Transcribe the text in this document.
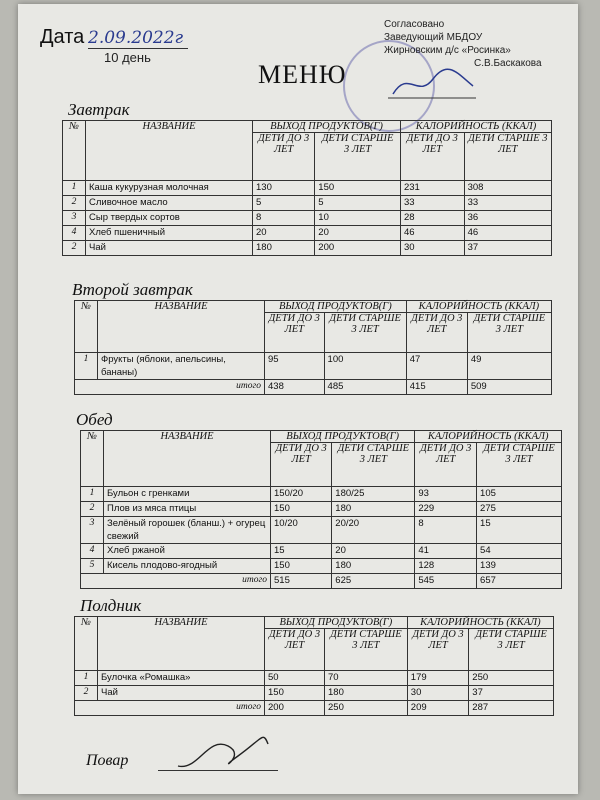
Дата 2.09.2022г
10 день
Согласовано
Заведующий МБДОУ
Жирновским д/с «Росинка»
С.В.Баскакова
МЕНЮ
Завтрак
№	НАЗВАНИЕ	ВЫХОД ПРОДУКТОВ(Г)		КАЛОРИЙНОСТЬ (ККАЛ)	
		ДЕТИ ДО 3 ЛЕТ	ДЕТИ СТАРШЕ 3 ЛЕТ	ДЕТИ ДО 3 ЛЕТ	ДЕТИ СТАРШЕ 3 ЛЕТ
1	Каша кукурузная молочная	130	150	231	308
2	Сливочное масло	5	5	33	33
3	Сыр твердых сортов	8	10	28	36
4	Хлеб пшеничный	20	20	46	46
2	Чай	180	200	30	37
Второй завтрак
№	НАЗВАНИЕ	ВЫХОД ПРОДУКТОВ(Г)		КАЛОРИЙНОСТЬ (ККАЛ)	
		ДЕТИ ДО 3 ЛЕТ	ДЕТИ СТАРШЕ 3 ЛЕТ	ДЕТИ ДО 3 ЛЕТ	ДЕТИ СТАРШЕ 3 ЛЕТ
1	Фрукты (яблоки, апельсины, бананы)	95	100	47	49
	итого	438	485	415	509
Обед
№	НАЗВАНИЕ	ВЫХОД ПРОДУКТОВ(Г)		КАЛОРИЙНОСТЬ (ККАЛ)	
		ДЕТИ ДО 3 ЛЕТ	ДЕТИ СТАРШЕ 3 ЛЕТ	ДЕТИ ДО 3 ЛЕТ	ДЕТИ СТАРШЕ 3 ЛЕТ
1	Бульон с гренками	150/20	180/25	93	105
2	Плов из мяса птицы	150	180	229	275
3	Зелёный горошек (бланш.) + огурец свежий	10/20	20/20	8	15
4	Хлеб ржаной	15	20	41	54
5	Кисель плодово-ягодный	150	180	128	139
	итого	515	625	545	657
Полдник
№	НАЗВАНИЕ	ВЫХОД ПРОДУКТОВ(Г)		КАЛОРИЙНОСТЬ (ККАЛ)	
		ДЕТИ ДО 3 ЛЕТ	ДЕТИ СТАРШЕ 3 ЛЕТ	ДЕТИ ДО 3 ЛЕТ	ДЕТИ СТАРШЕ 3 ЛЕТ
1	Булочка «Ромашка»	50	70	179	250
2	Чай	150	180	30	37
	итого	200	250	209	287
Повар
